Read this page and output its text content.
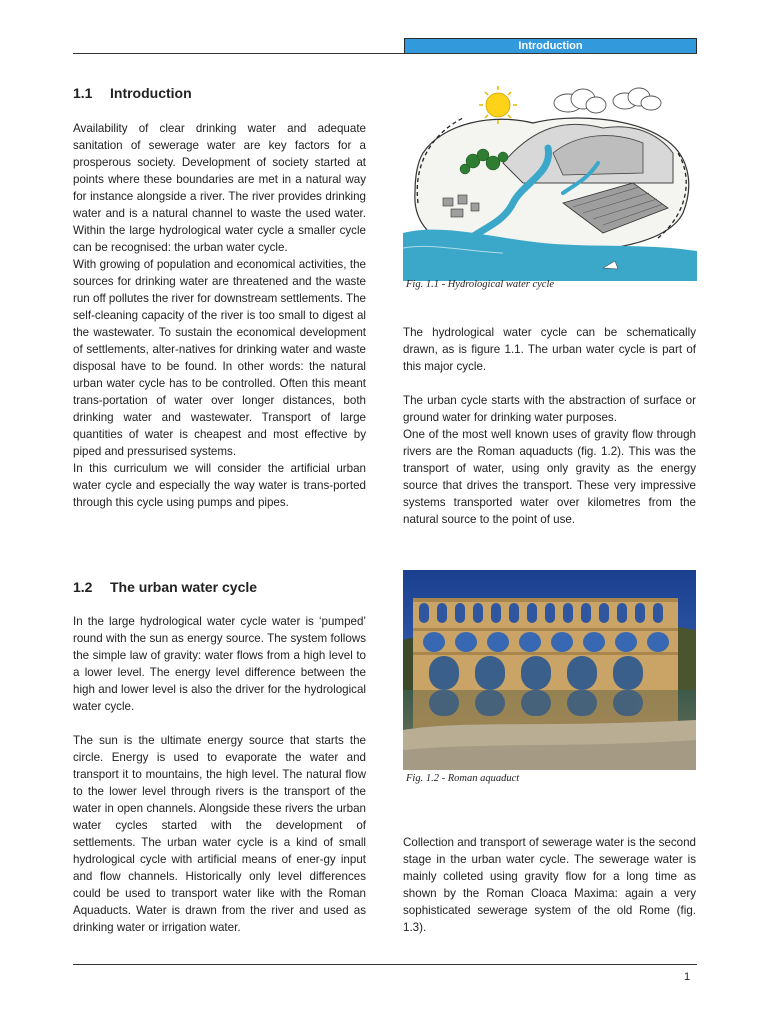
Introduction
1.1 Introduction

Availability of clear drinking water and adequate sanitation of sewerage water are key factors for a prosperous society. Development of society started at points where these boundaries are met in a natural way for instance alongside a river. The river provides drinking water and is a natural channel to waste the used water. Within the large hydrological water cycle a smaller cycle can be recognised: the urban water cycle.

With growing of population and economical activities, the sources for drinking water are threatened and the waste run off pollutes the river for downstream settlements. The self-cleaning capacity of the river is too small to digest al the wastewater. To sustain the economical development of settlements, alter-natives for drinking water and waste disposal have to be found. In other words: the natural urban water cycle has to be controlled. Often this meant trans-portation of water over longer distances, both drinking water and wastewater. Transport of large quantities of water is cheapest and most effective by piped and pressurised systems.

In this curriculum we will consider the artificial urban water cycle and especially the way water is trans-ported through this cycle using pumps and pipes.

1.2 The urban water cycle

In the large hydrological water cycle water is ‘pumped’ round with the sun as energy source. The system follows the simple law of gravity: water flows from a high level to a lower level. The energy level difference between the high and lower level is also the driver for the hydrological water cycle.

The sun is the ultimate energy source that starts the circle. Energy is used to evaporate the water and transport it to mountains, the high level. The natural flow to the lower level through rivers is the transport of the water in open channels. Alongside these rivers the urban water cycles started with the development of settlements. The urban water cycle is a kind of small hydrological cycle with artificial means of ener-gy input and flow channels. Historically only level differences could be used to transport water like with the Roman Aquaducts. Water is drawn from the river and used as drinking water or irrigation water.

Fig. 1.1 - Hydrological water cycle

The hydrological water cycle can be schematically drawn, as is figure 1.1. The urban water cycle is part of this major cycle.

The urban cycle starts with the abstraction of surface or ground water for drinking water purposes.

One of the most well known uses of gravity flow through rivers are the Roman aquaducts (fig. 1.2). This was the transport of water, using only gravity as the energy source that drives the transport. These very impressive systems transported water over kilometres from the natural source to the point of use.

Fig. 1.2 - Roman aquaduct

Collection and transport of sewerage water is the second stage in the urban water cycle. The sewerage water is mainly colleted using gravity flow for a long time as shown by the Roman Cloaca Maxima: again a very sophisticated sewerage system of the old Rome (fig. 1.3).

1
